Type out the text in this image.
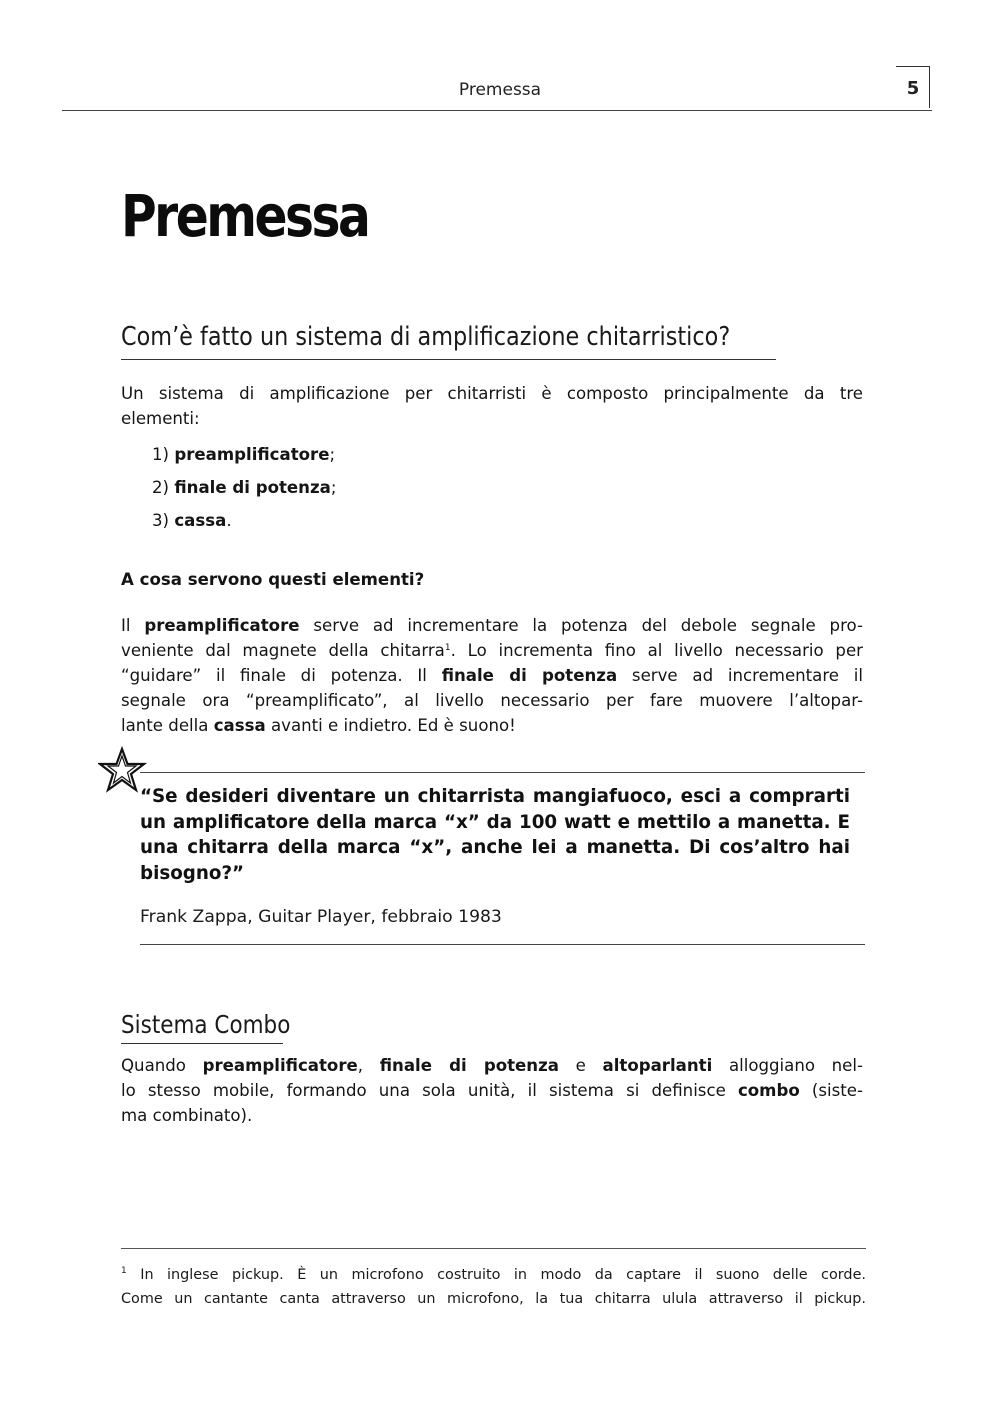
Premessa	5
Premessa
Com’è fatto un sistema di amplificazione chitarristico?
Un sistema di amplificazione per chitarristi è composto principalmente da tre
elementi:
1) preamplificatore;
2) finale di potenza;
3) cassa.
A cosa servono questi elementi?
Il preamplificatore serve ad incrementare la potenza del debole segnale pro-
veniente dal magnete della chitarra$^1$. Lo incrementa fino al livello necessario per
“guidare” il finale di potenza. Il finale di potenza serve ad incrementare il
segnale ora “preamplificato”, al livello necessario per fare muovere l’altopar-
lante della cassa avanti e indietro. Ed è suono!
“Se desideri diventare un chitarrista mangiafuoco, esci a comprarti
un amplificatore della marca “x” da 100 watt e mettilo a manetta. E
una chitarra della marca “x”, anche lei a manetta. Di cos’altro hai
bisogno?”
Frank Zappa, Guitar Player, febbraio 1983
Sistema Combo
Quando preamplificatore, finale di potenza e altoparlanti alloggiano nel-
lo stesso mobile, formando una sola unità, il sistema si definisce combo (siste-
ma combinato).
$^1$ In inglese pickup. È un microfono costruito in modo da captare il suono delle corde.
Come un cantante canta attraverso un microfono, la tua chitarra ulula attraverso il pickup.
